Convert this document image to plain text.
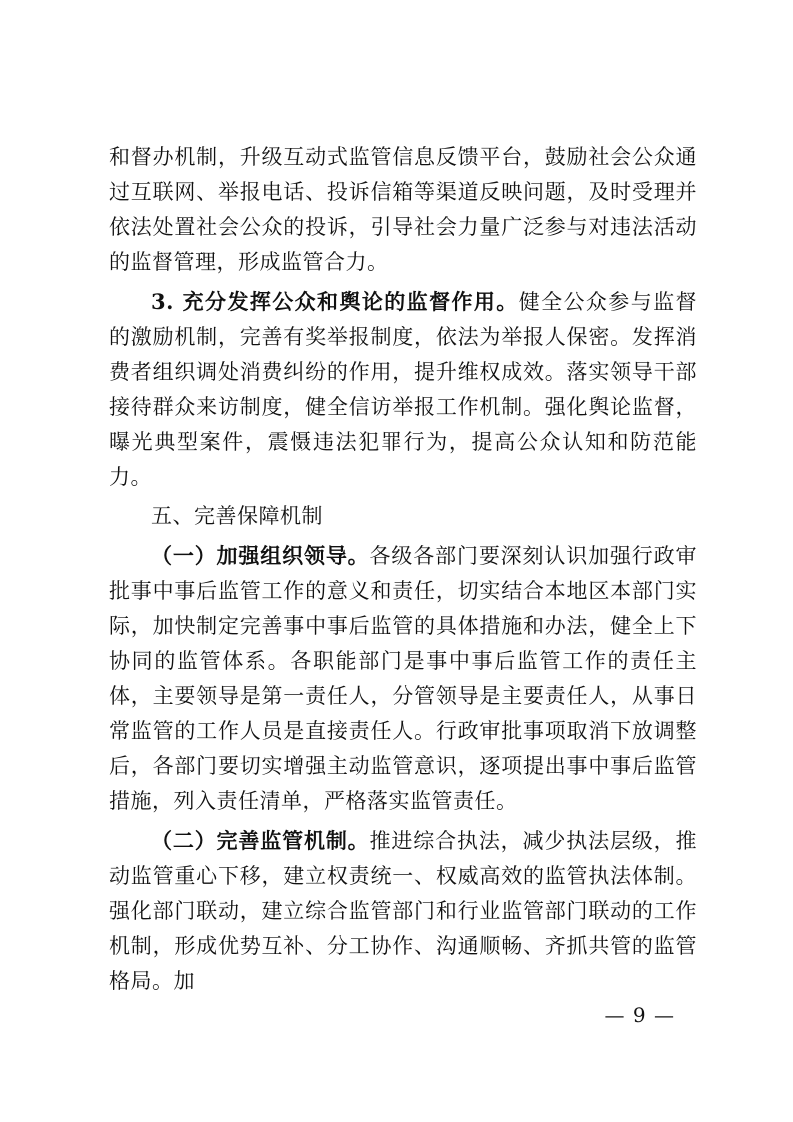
和督办机制，升级互动式监管信息反馈平台，鼓励社会公众通过互联网、举报电话、投诉信箱等渠道反映问题，及时受理并依法处置社会公众的投诉，引导社会力量广泛参与对违法活动的监督管理，形成监管合力。

3. 充分发挥公众和舆论的监督作用。健全公众参与监督的激励机制，完善有奖举报制度，依法为举报人保密。发挥消费者组织调处消费纠纷的作用，提升维权成效。落实领导干部接待群众来访制度，健全信访举报工作机制。强化舆论监督，曝光典型案件，震慑违法犯罪行为，提高公众认知和防范能力。

五、完善保障机制

（一）加强组织领导。各级各部门要深刻认识加强行政审批事中事后监管工作的意义和责任，切实结合本地区本部门实际，加快制定完善事中事后监管的具体措施和办法，健全上下协同的监管体系。各职能部门是事中事后监管工作的责任主体，主要领导是第一责任人，分管领导是主要责任人，从事日常监管的工作人员是直接责任人。行政审批事项取消下放调整后，各部门要切实增强主动监管意识，逐项提出事中事后监管措施，列入责任清单，严格落实监管责任。

（二）完善监管机制。推进综合执法，减少执法层级，推动监管重心下移，建立权责统一、权威高效的监管执法体制。强化部门联动，建立综合监管部门和行业监管部门联动的工作机制，形成优势互补、分工协作、沟通顺畅、齐抓共管的监管格局。加

— 9 —
